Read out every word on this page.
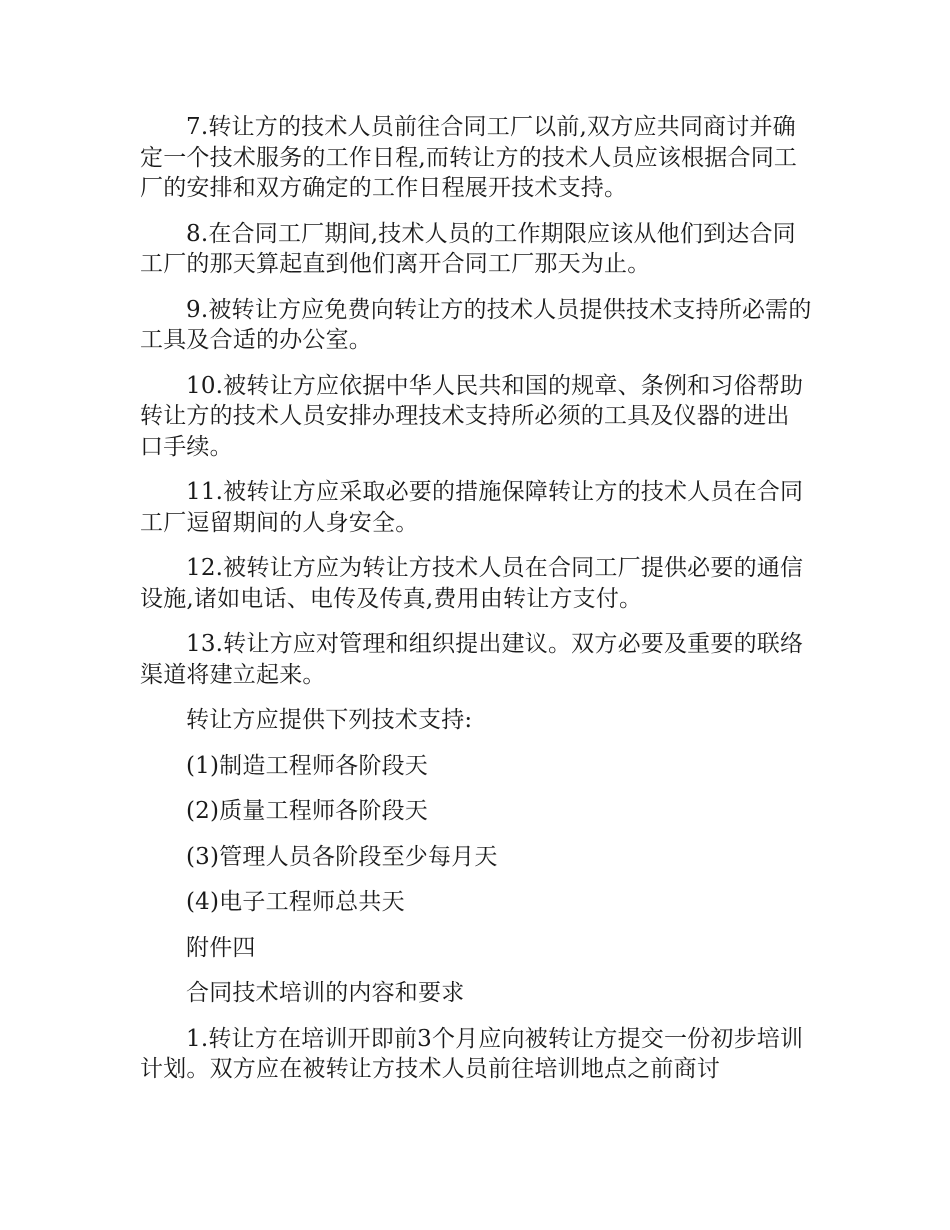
7.转让方的技术人员前往合同工厂以前,双方应共同商讨并确定一个技术服务的工作日程,而转让方的技术人员应该根据合同工厂的安排和双方确定的工作日程展开技术支持。

8.在合同工厂期间,技术人员的工作期限应该从他们到达合同工厂的那天算起直到他们离开合同工厂那天为止。

9.被转让方应免费向转让方的技术人员提供技术支持所必需的工具及合适的办公室。

10.被转让方应依据中华人民共和国的规章、条例和习俗帮助转让方的技术人员安排办理技术支持所必须的工具及仪器的进出口手续。

11.被转让方应采取必要的措施保障转让方的技术人员在合同工厂逗留期间的人身安全。

12.被转让方应为转让方技术人员在合同工厂提供必要的通信设施,诸如电话、电传及传真,费用由转让方支付。

13.转让方应对管理和组织提出建议。双方必要及重要的联络渠道将建立起来。

转让方应提供下列技术支持:

(1)制造工程师各阶段天

(2)质量工程师各阶段天

(3)管理人员各阶段至少每月天

(4)电子工程师总共天

附件四

合同技术培训的内容和要求

1.转让方在培训开即前3个月应向被转让方提交一份初步培训计划。双方应在被转让方技术人员前往培训地点之前商讨
